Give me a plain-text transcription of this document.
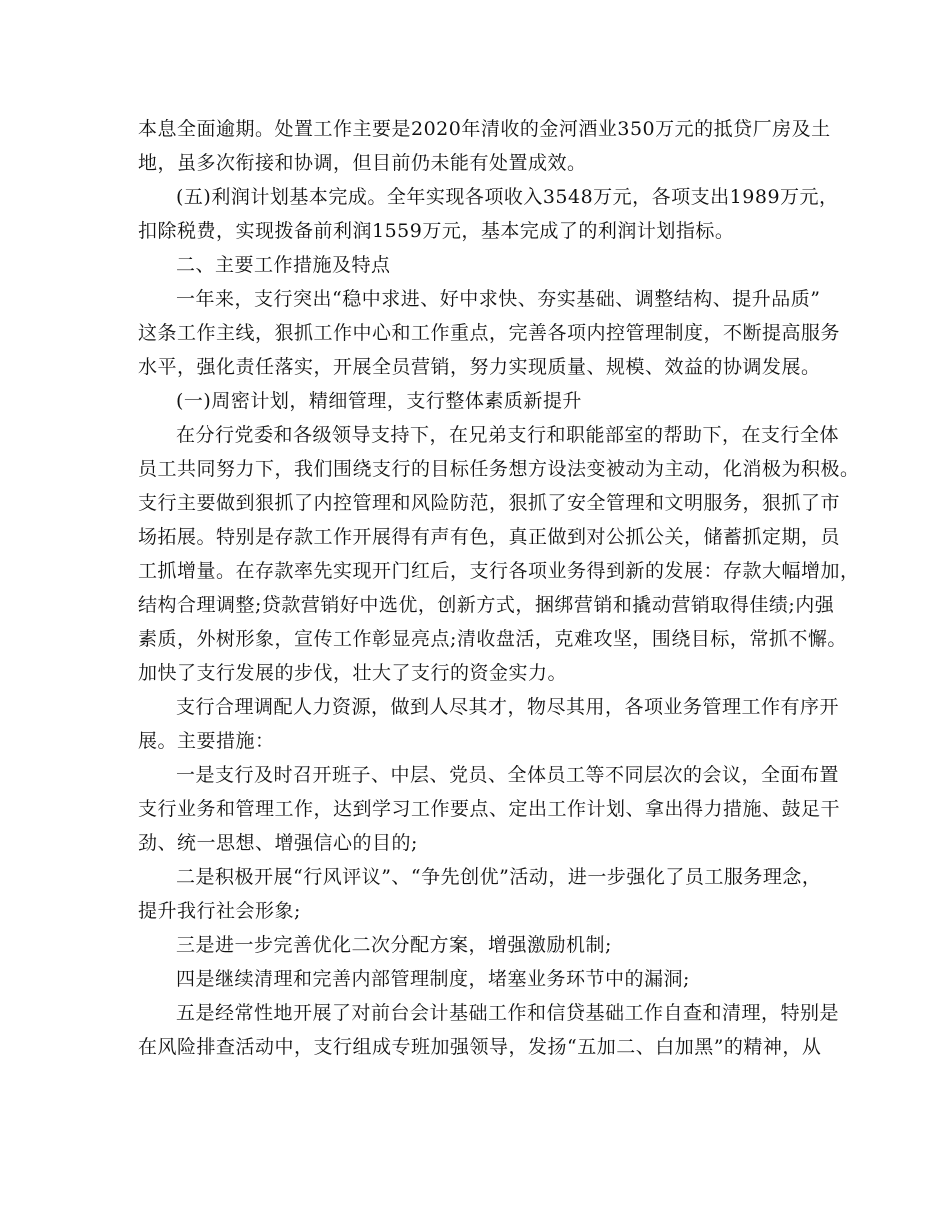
本息全面逾期。处置工作主要是2020年清收的金河酒业350万元的抵贷厂房及土
地，虽多次衔接和协调，但目前仍未能有处置成效。
(五)利润计划基本完成。全年实现各项收入3548万元，各项支出1989万元，
扣除税费，实现拨备前利润1559万元，基本完成了的利润计划指标。
二、主要工作措施及特点
一年来，支行突出“稳中求进、好中求快、夯实基础、调整结构、提升品质”
这条工作主线，狠抓工作中心和工作重点，完善各项内控管理制度，不断提高服务
水平，强化责任落实，开展全员营销，努力实现质量、规模、效益的协调发展。
(一)周密计划，精细管理，支行整体素质新提升
在分行党委和各级领导支持下，在兄弟支行和职能部室的帮助下，在支行全体
员工共同努力下，我们围绕支行的目标任务想方设法变被动为主动，化消极为积极。
支行主要做到狠抓了内控管理和风险防范，狠抓了安全管理和文明服务，狠抓了市
场拓展。特别是存款工作开展得有声有色，真正做到对公抓公关，储蓄抓定期，员
工抓增量。在存款率先实现开门红后，支行各项业务得到新的发展：存款大幅增加，
结构合理调整;贷款营销好中选优，创新方式，捆绑营销和撬动营销取得佳绩;内强
素质，外树形象，宣传工作彰显亮点;清收盘活，克难攻坚，围绕目标，常抓不懈。
加快了支行发展的步伐，壮大了支行的资金实力。
支行合理调配人力资源，做到人尽其才，物尽其用，各项业务管理工作有序开
展。主要措施：
一是支行及时召开班子、中层、党员、全体员工等不同层次的会议，全面布置
支行业务和管理工作，达到学习工作要点、定出工作计划、拿出得力措施、鼓足干
劲、统一思想、增强信心的目的;
二是积极开展“行风评议”、“争先创优”活动，进一步强化了员工服务理念，
提升我行社会形象;
三是进一步完善优化二次分配方案，增强激励机制;
四是继续清理和完善内部管理制度，堵塞业务环节中的漏洞;
五是经常性地开展了对前台会计基础工作和信贷基础工作自查和清理，特别是
在风险排查活动中，支行组成专班加强领导，发扬“五加二、白加黑”的精神，从
